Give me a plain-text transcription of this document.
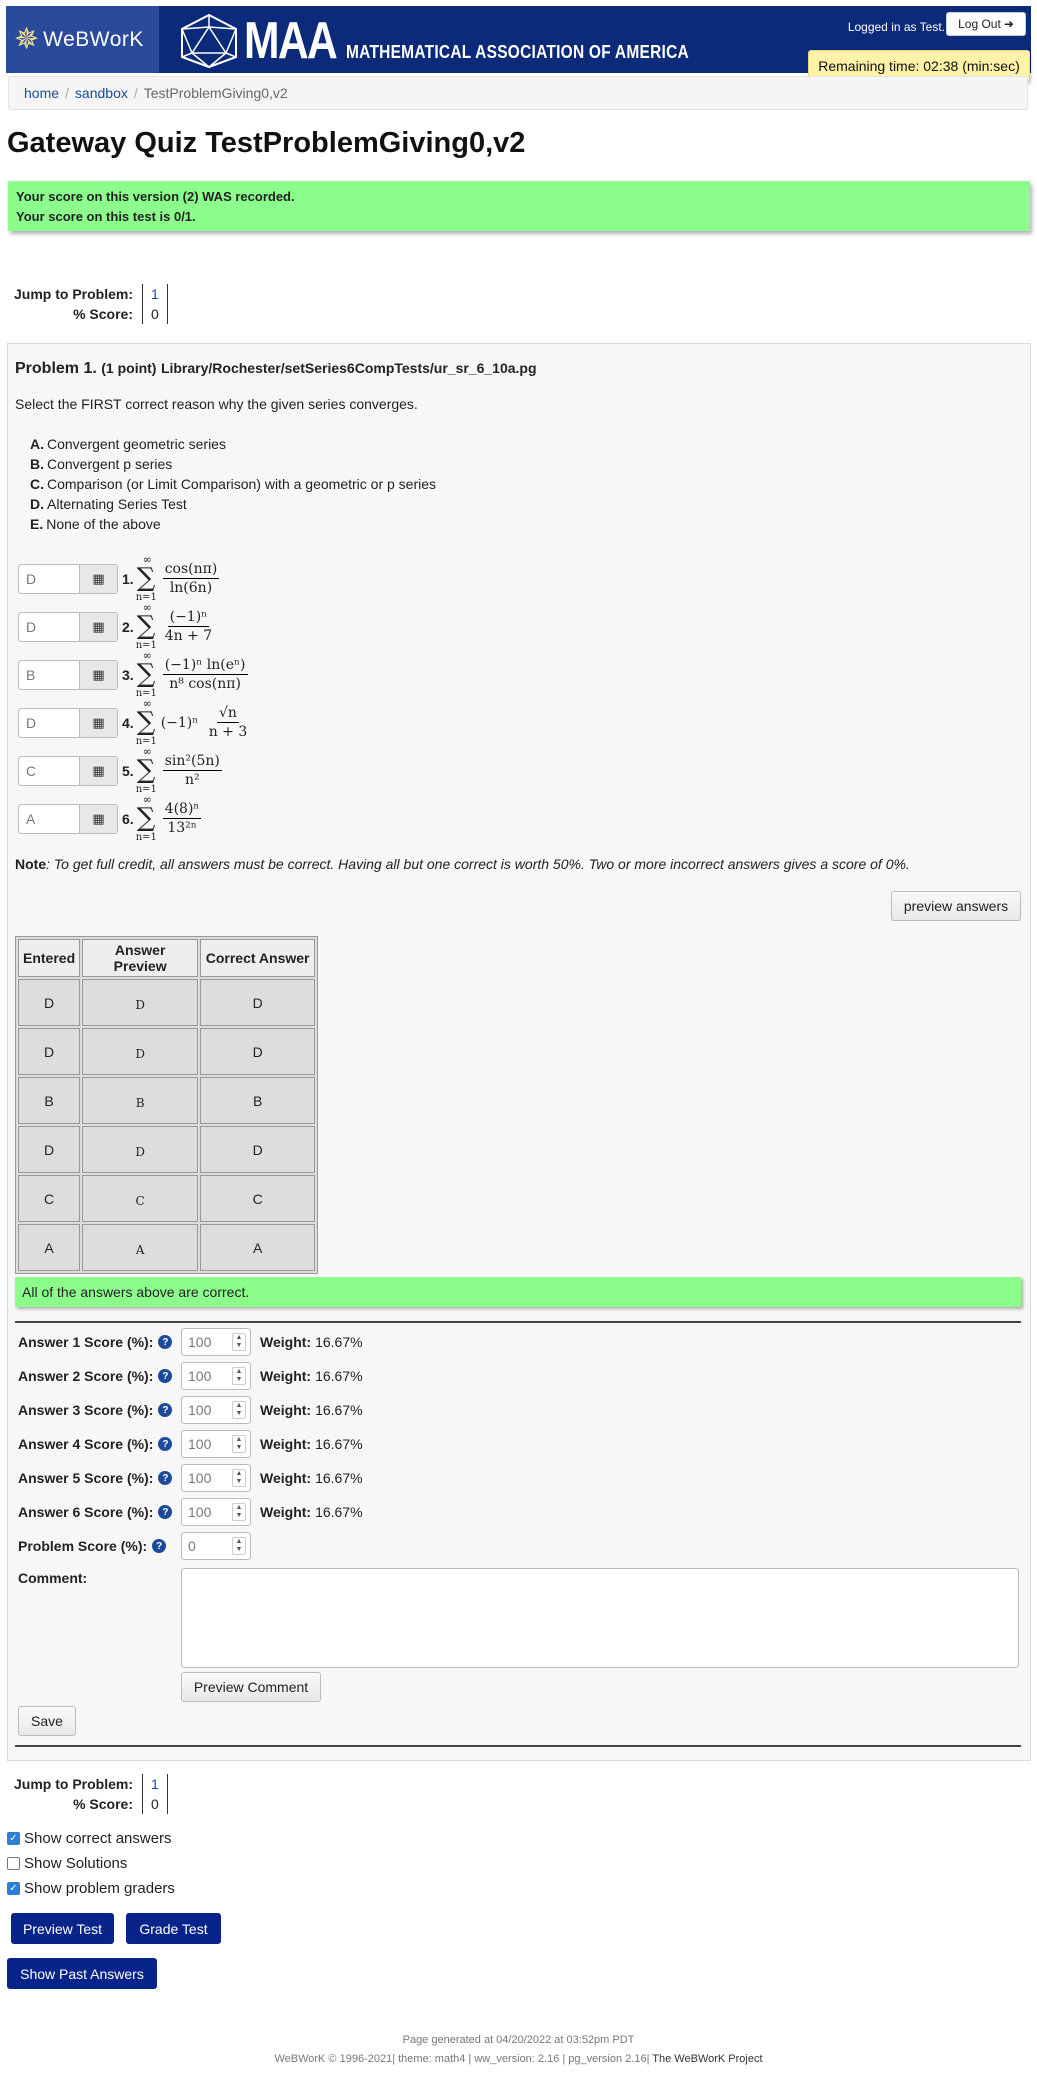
✵ WeBWorK MAA MATHEMATICAL ASSOCIATION OF AMERICA
Logged in as Test. Log Out ➜
Remaining time: 02:38 (min:sec)
home / sandbox / TestProblemGiving0,v2
Gateway Quiz TestProblemGiving0,v2
Your score on this version (2) WAS recorded.
Your score on this test is 0/1.
Jump to Problem:	1
% Score:	0
Problem 1. (1 point) Library/Rochester/setSeries6CompTests/ur_sr_6_10a.pg
Select the FIRST correct reason why the given series converges.
A. Convergent geometric series
B. Convergent p series
C. Comparison (or Limit Comparison) with a geometric or p series
D. Alternating Series Test
E. None of the above
D	▦	1.
∞
∑
n=1
$\frac{\cos(n\pi)}{\ln(6n)}$
D	▦	2.
∞
∑
n=1
$\frac{\text{(−1)ⁿ}}{4n + 7}$
B	▦	3.
∞
∑
n=1
$\frac{\text{(−1)ⁿ ln(eⁿ)}}{\text{n⁸ cos(nπ)}}$
D	▦	4.
∞
∑
n=1
$(-1)^n \frac{√n}{n + 3}$
C	▦	5.
∞
∑
n=1
$\frac{\text{sin²(5n)}}{\text{n²}}$
A	▦	6.
∞
∑
n=1
$\frac{\text{4(8)ⁿ}}{\text{13²ⁿ}}$
Note: To get full credit, all answers must be correct. Having all but one correct is worth 50%. Two or more incorrect answers gives a score of 0%.
preview answers
Entered	Answer Preview	Correct Answer
D	D	D
D	D	D
B	B	B
D	D	D
C	C	C
A	A	A
All of the answers above are correct.
Answer 1 Score (%): ? 100	▲
▼ Weight: 16.67%
Answer 2 Score (%): ? 100	▲
▼ Weight: 16.67%
Answer 3 Score (%): ? 100	▲
▼ Weight: 16.67%
Answer 4 Score (%): ? 100	▲
▼ Weight: 16.67%
Answer 5 Score (%): ? 100	▲
▼ Weight: 16.67%
Answer 6 Score (%): ? 100	▲
▼ Weight: 16.67%
Problem Score (%): ? 0	▲
▼
Comment:
Preview Comment
Save
Jump to Problem:	1
% Score:	0
✓ Show correct answers
Show Solutions
✓ Show problem graders
Preview Test	Grade Test
Show Past Answers
Page generated at 04/20/2022 at 03:52pm PDT
WeBWorK © 1996-2021| theme: math4 | ww_version: 2.16 | pg_version 2.16| The WeBWorK Project
